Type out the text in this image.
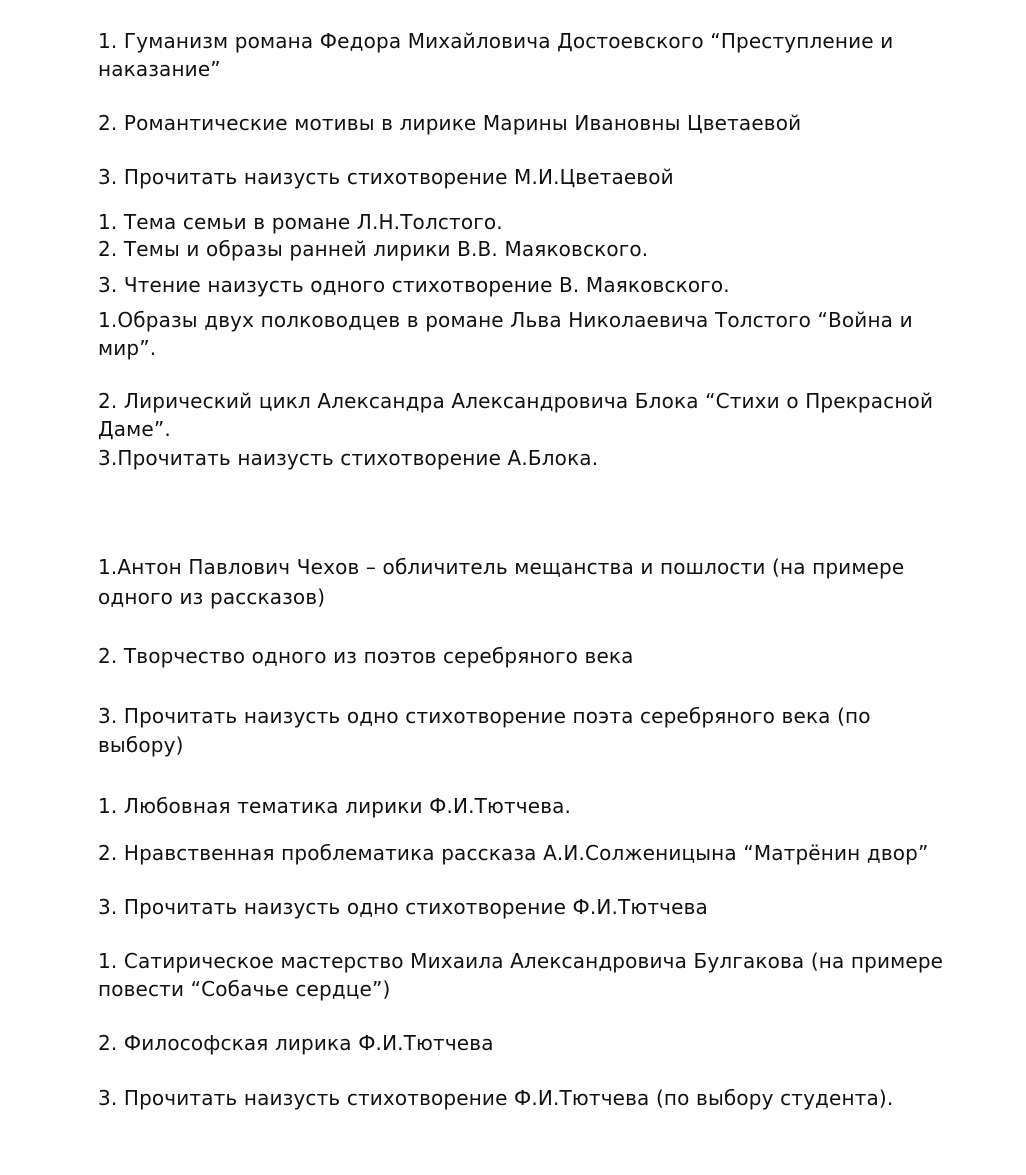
1. Гуманизм романа Федора Михайловича Достоевского “Преступление и наказание”

2. Романтические мотивы в лирике Марины Ивановны Цветаевой

3. Прочитать наизусть стихотворение М.И.Цветаевой

1. Тема семьи в романе Л.Н.Толстого.

2. Темы и образы ранней лирики В.В. Маяковского.

3. Чтение наизусть одного стихотворение В. Маяковского.

1.Образы двух полководцев в романе Льва Николаевича Толстого “Война и мир”.

2. Лирический цикл Александра Александровича Блока “Стихи о Прекрасной Даме”.

3.Прочитать наизусть стихотворение А.Блока.

1.Антон Павлович Чехов – обличитель мещанства и пошлости (на примере одного из рассказов)

2. Творчество одного из поэтов серебряного века

3. Прочитать наизусть одно стихотворение поэта серебряного века (по выбору)

1. Любовная тематика лирики Ф.И.Тютчева.

2. Нравственная проблематика рассказа А.И.Солженицына “Матрёнин двор”

3. Прочитать наизусть одно стихотворение Ф.И.Тютчева

1. Сатирическое мастерство Михаила Александровича Булгакова (на примере повести “Собачье сердце”)

2. Философская лирика Ф.И.Тютчева

3. Прочитать наизусть стихотворение Ф.И.Тютчева (по выбору студента).
